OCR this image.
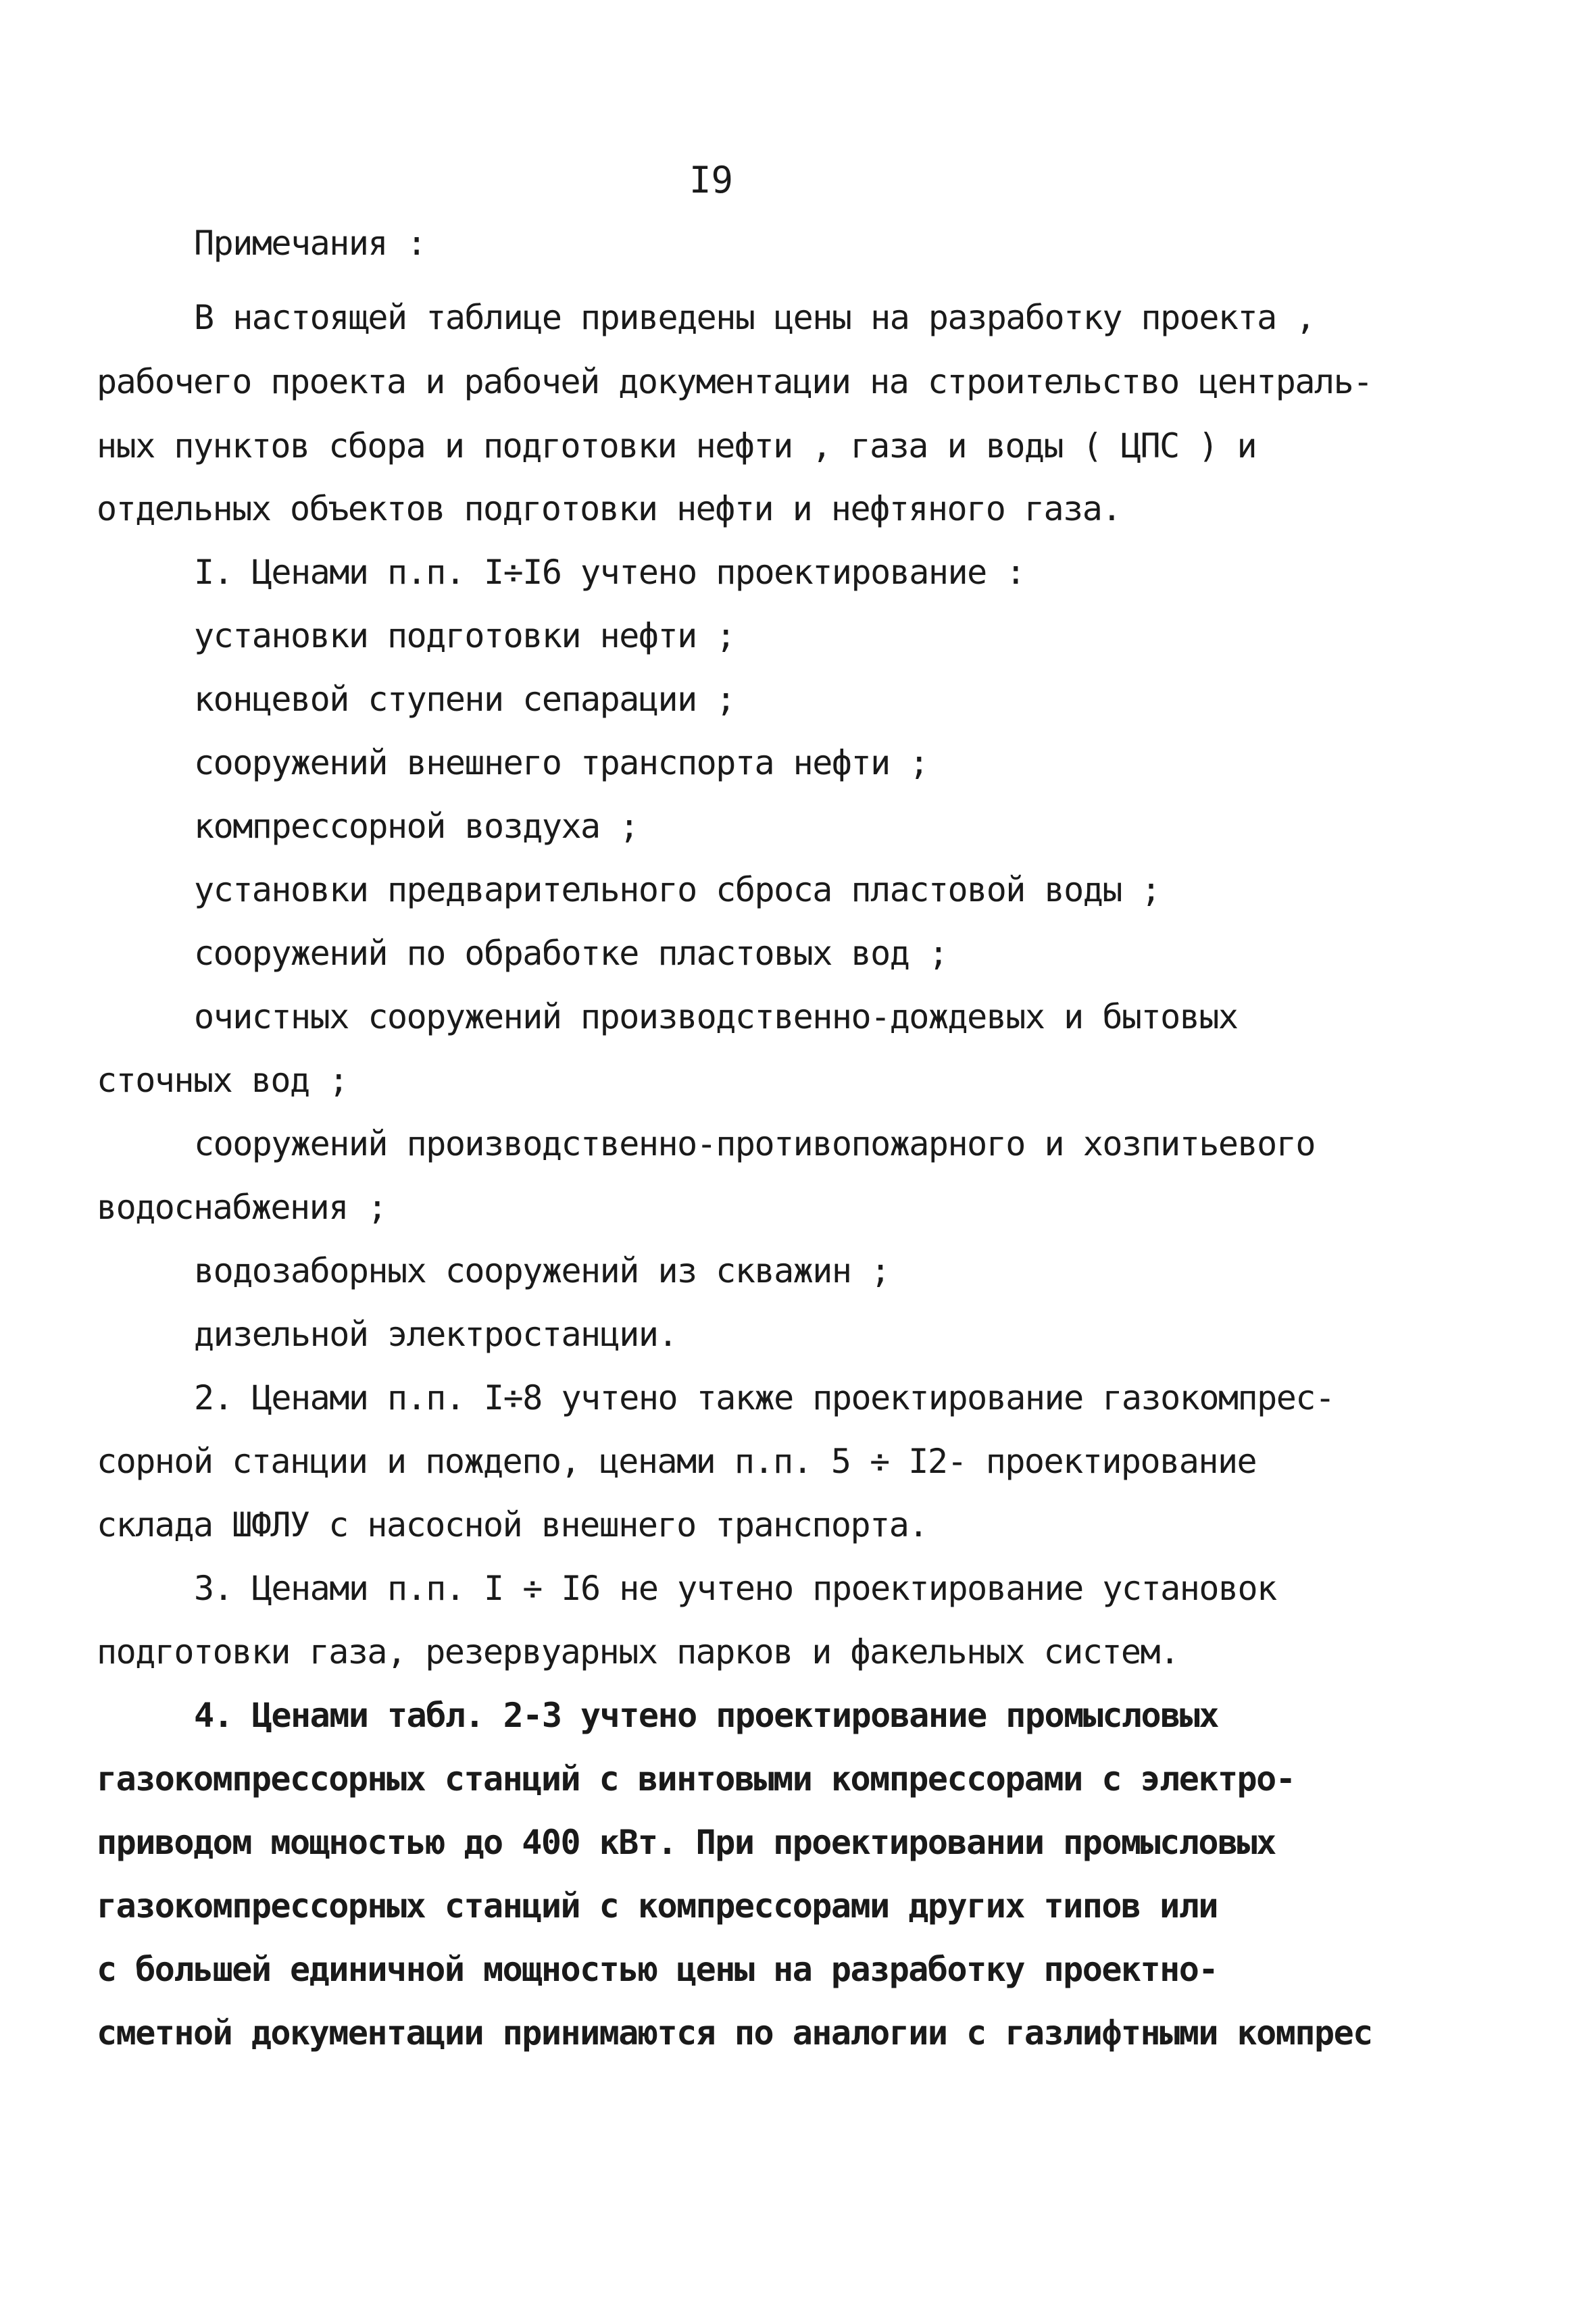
I9
Примечания :
В настоящей таблице приведены цены на разработку проекта ,
рабочего проекта и рабочей документации на строительство централь-
ных пунктов сбора и подготовки нефти , газа и воды ( ЦПС ) и
отдельных объектов подготовки нефти и нефтяного газа.
I. Ценами п.п. I÷I6 учтено проектирование :
установки подготовки нефти ;
концевой ступени сепарации ;
сооружений внешнего транспорта нефти ;
компрессорной воздуха ;
установки предварительного сброса пластовой воды ;
сооружений по обработке пластовых вод ;
очистных сооружений производственно-дождевых и бытовых
сточных вод ;
сооружений производственно-противопожарного и хозпитьевого
водоснабжения ;
водозаборных сооружений из скважин ;
дизельной электростанции.
2. Ценами п.п. I÷8 учтено также проектирование газокомпрес-
сорной станции и пождепо, ценами п.п. 5 ÷ I2- проектирование
склада ШФЛУ с насосной внешнего транспорта.
3. Ценами п.п. I ÷ I6 не учтено проектирование установок
подготовки газа, резервуарных парков и факельных систем.
4. Ценами табл. 2-3 учтено проектирование промысловых
газокомпрессорных станций с винтовыми компрессорами с электро-
приводом мощностью до 400 кВт. При проектировании промысловых
газокомпрессорных станций с компрессорами других типов или
с большей единичной мощностью цены на разработку проектно-
сметной документации принимаются по аналогии с газлифтными компрес
